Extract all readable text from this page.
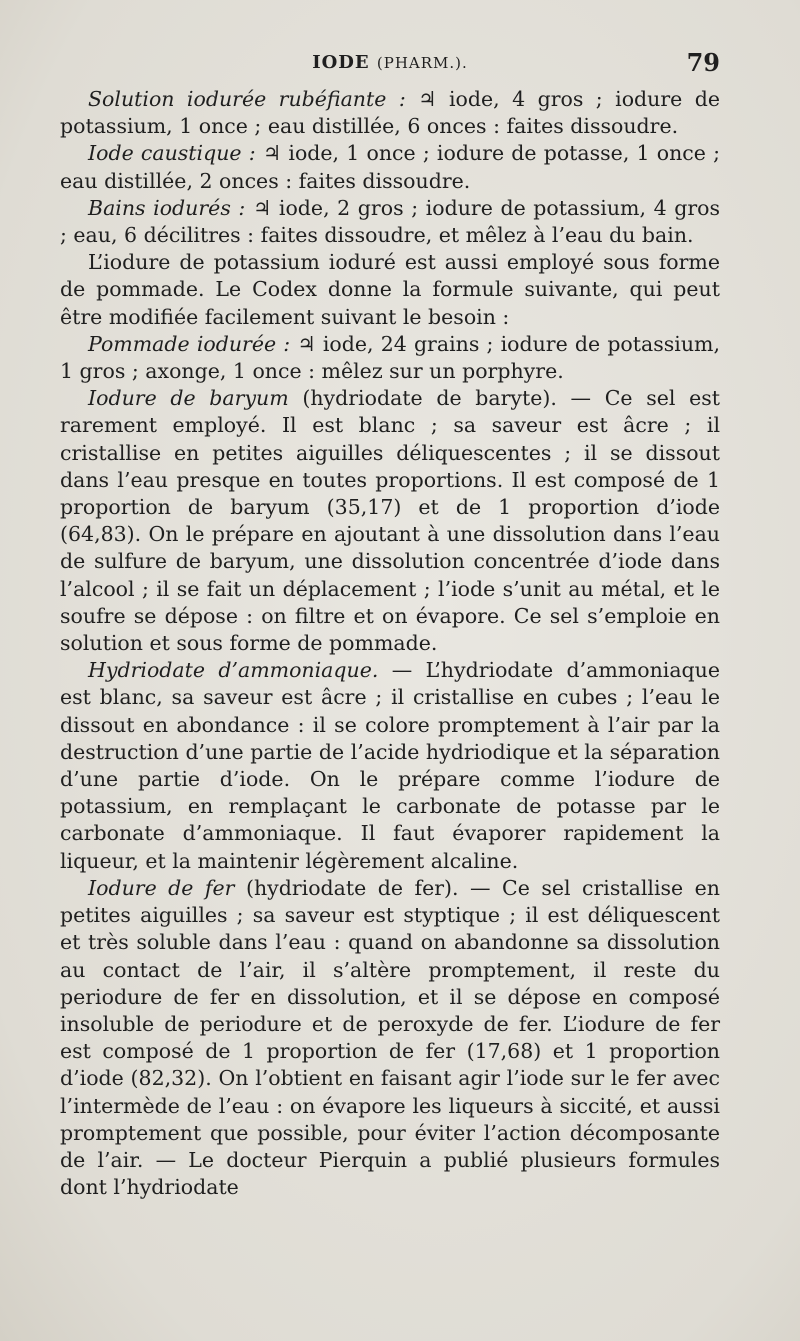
IODE (PHARM.).	79

Solution iodurée rubéfiante : ♃ iode, 4 gros ; iodure de potassium, 1 once ; eau distillée, 6 onces : faites dissoudre.

Iode caustique : ♃ iode, 1 once ; iodure de potasse, 1 once ; eau distillée, 2 onces : faites dissoudre.

Bains iodurés : ♃ iode, 2 gros ; iodure de potassium, 4 gros ; eau, 6 décilitres : faites dissoudre, et mêlez à l’eau du bain.

L’iodure de potassium ioduré est aussi employé sous forme de pommade. Le Codex donne la formule suivante, qui peut être modifiée facilement suivant le besoin :

Pommade iodurée : ♃ iode, 24 grains ; iodure de potassium, 1 gros ; axonge, 1 once : mêlez sur un porphyre.

Iodure de baryum (hydriodate de baryte). — Ce sel est rarement employé. Il est blanc ; sa saveur est âcre ; il cristallise en petites aiguilles déliquescentes ; il se dissout dans l’eau presque en toutes proportions. Il est composé de 1 proportion de baryum (35,17) et de 1 proportion d’iode (64,83). On le prépare en ajoutant à une dissolution dans l’eau de sulfure de baryum, une dissolution concentrée d’iode dans l’alcool ; il se fait un déplacement ; l’iode s’unit au métal, et le soufre se dépose : on filtre et on évapore. Ce sel s’emploie en solution et sous forme de pommade.

Hydriodate d’ammoniaque. — L’hydriodate d’ammoniaque est blanc, sa saveur est âcre ; il cristallise en cubes ; l’eau le dissout en abondance : il se colore promptement à l’air par la destruction d’une partie de l’acide hydriodique et la séparation d’une partie d’iode. On le prépare comme l’iodure de potassium, en remplaçant le carbonate de potasse par le carbonate d’ammoniaque. Il faut évaporer rapidement la liqueur, et la maintenir légèrement alcaline.

Iodure de fer (hydriodate de fer). — Ce sel cristallise en petites aiguilles ; sa saveur est styptique ; il est déliquescent et très soluble dans l’eau : quand on abandonne sa dissolution au contact de l’air, il s’altère promptement, il reste du periodure de fer en dissolution, et il se dépose en composé insoluble de periodure et de peroxyde de fer. L’iodure de fer est composé de 1 proportion de fer (17,68) et 1 proportion d’iode (82,32). On l’obtient en faisant agir l’iode sur le fer avec l’intermède de l’eau : on évapore les liqueurs à siccité, et aussi promptement que possible, pour éviter l’action décomposante de l’air. — Le docteur Pierquin a publié plusieurs formules dont l’hydriodate
